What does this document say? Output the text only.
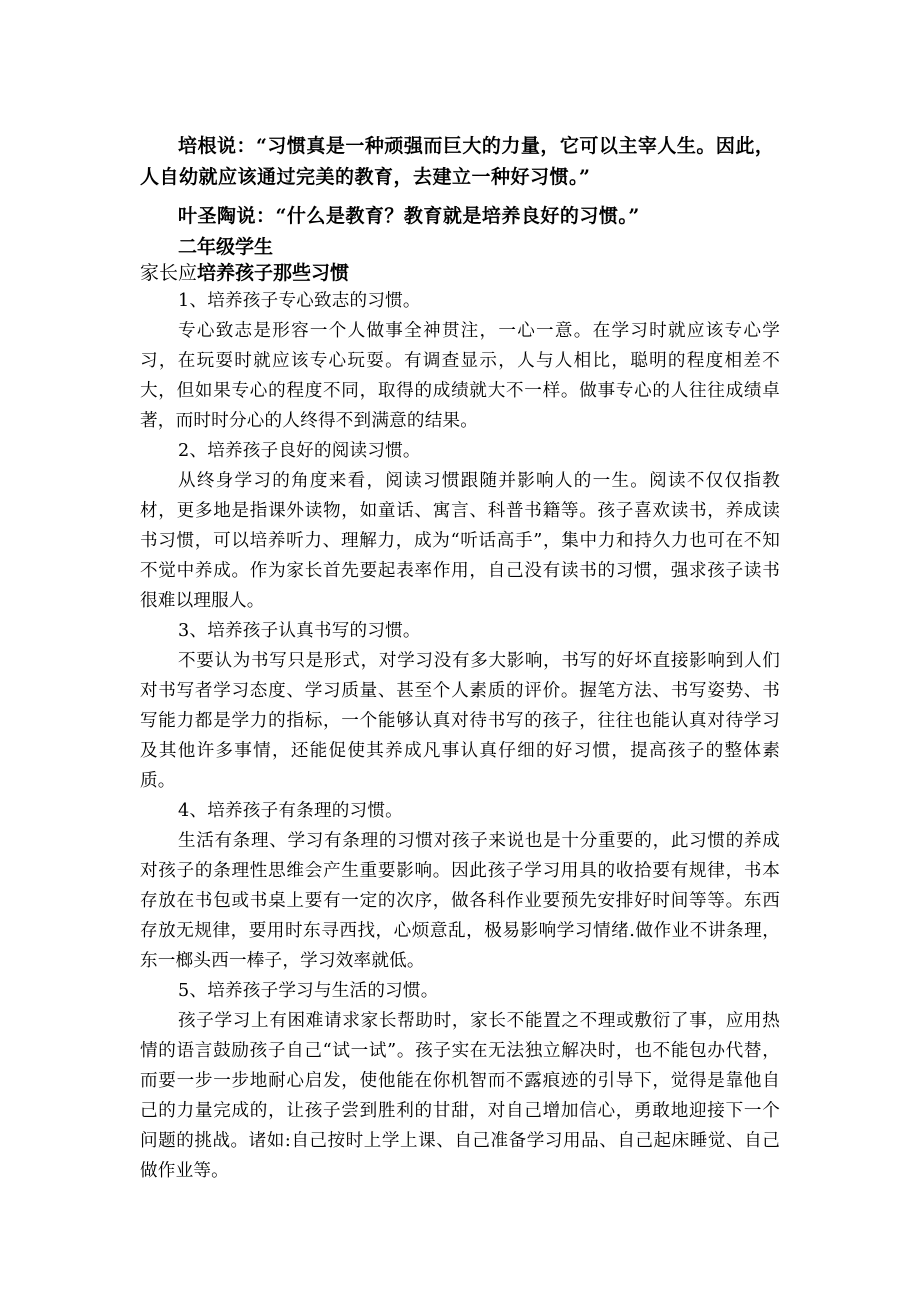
培根说：“习惯真是一种顽强而巨大的力量，它可以主宰人生。因此，人自幼就应该通过完美的教育，去建立一种好习惯。”

叶圣陶说：“什么是教育？教育就是培养良好的习惯。”

二年级学生
家长应培养孩子那些习惯

1、培养孩子专心致志的习惯。

专心致志是形容一个人做事全神贯注，一心一意。在学习时就应该专心学习，在玩耍时就应该专心玩耍。有调查显示，人与人相比，聪明的程度相差不大，但如果专心的程度不同，取得的成绩就大不一样。做事专心的人往往成绩卓著，而时时分心的人终得不到满意的结果。

2、培养孩子良好的阅读习惯。

从终身学习的角度来看，阅读习惯跟随并影响人的一生。阅读不仅仅指教材，更多地是指课外读物，如童话、寓言、科普书籍等。孩子喜欢读书，养成读书习惯，可以培养听力、理解力，成为“听话高手”，集中力和持久力也可在不知不觉中养成。作为家长首先要起表率作用，自己没有读书的习惯，强求孩子读书很难以理服人。

3、培养孩子认真书写的习惯。

不要认为书写只是形式，对学习没有多大影响，书写的好坏直接影响到人们对书写者学习态度、学习质量、甚至个人素质的评价。握笔方法、书写姿势、书写能力都是学力的指标，一个能够认真对待书写的孩子，往往也能认真对待学习及其他许多事情，还能促使其养成凡事认真仔细的好习惯，提高孩子的整体素质。

4、培养孩子有条理的习惯。

生活有条理、学习有条理的习惯对孩子来说也是十分重要的，此习惯的养成对孩子的条理性思维会产生重要影响。因此孩子学习用具的收拾要有规律，书本存放在书包或书桌上要有一定的次序，做各科作业要预先安排好时间等等。东西存放无规律，要用时东寻西找，心烦意乱，极易影响学习情绪.做作业不讲条理，东一榔头西一棒子，学习效率就低。

5、培养孩子学习与生活的习惯。

孩子学习上有困难请求家长帮助时，家长不能置之不理或敷衍了事，应用热情的语言鼓励孩子自己“试一试”。孩子实在无法独立解决时，也不能包办代替，而要一步一步地耐心启发，使他能在你机智而不露痕迹的引导下，觉得是靠他自己的力量完成的，让孩子尝到胜利的甘甜，对自己增加信心，勇敢地迎接下一个问题的挑战。诸如:自己按时上学上课、自己准备学习用品、自己起床睡觉、自己做作业等。
